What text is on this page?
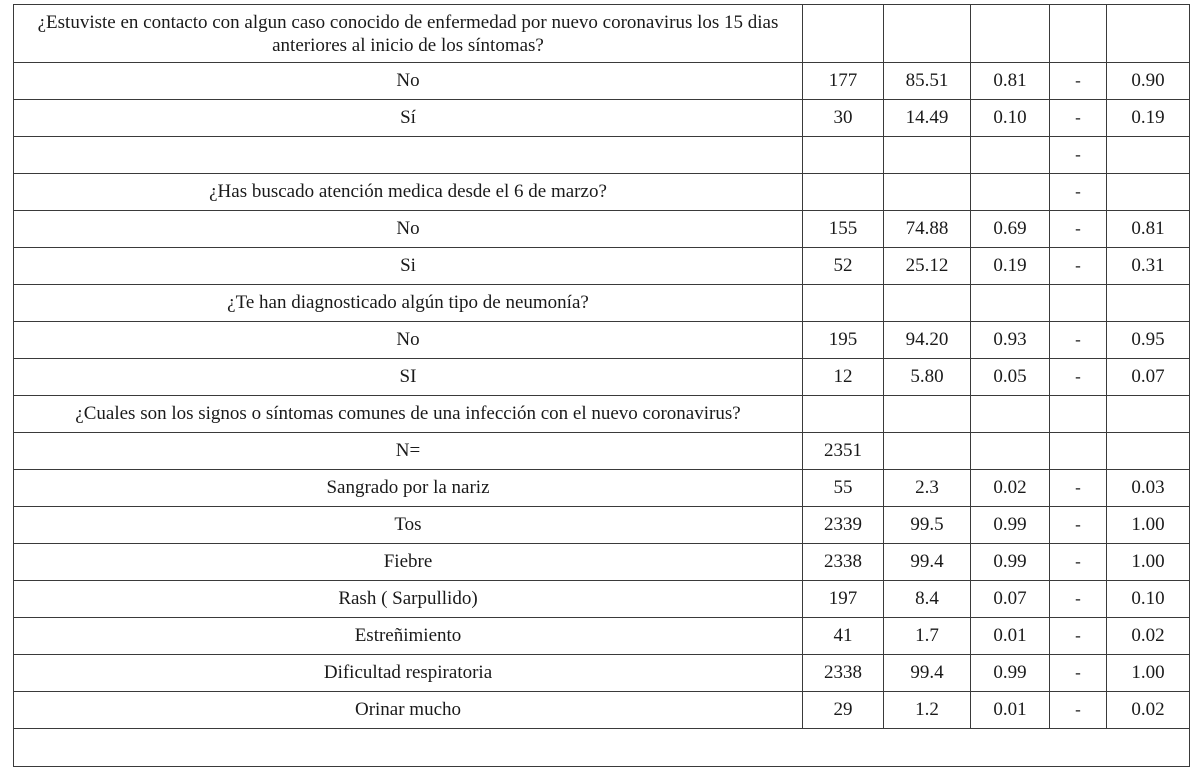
¿Estuviste en contacto con algun caso conocido de enfermedad por nuevo coronavirus los 15 dias anteriores al inicio de los síntomas?					
No	177	85.51	0.81	-	0.90
Sí	30	14.49	0.10	-	0.19
				-	
¿Has buscado atención medica desde el 6 de marzo?				-	
No	155	74.88	0.69	-	0.81
Si	52	25.12	0.19	-	0.31
¿Te han diagnosticado algún tipo de neumonía?					
No	195	94.20	0.93	-	0.95
SI	12	5.80	0.05	-	0.07
¿Cuales son los signos o síntomas comunes de una infección con el nuevo coronavirus?					
N=	2351				
Sangrado por la nariz	55	2.3	0.02	-	0.03
Tos	2339	99.5	0.99	-	1.00
Fiebre	2338	99.4	0.99	-	1.00
Rash ( Sarpullido)	197	8.4	0.07	-	0.10
Estreñimiento	41	1.7	0.01	-	0.02
Dificultad respiratoria	2338	99.4	0.99	-	1.00
Orinar mucho	29	1.2	0.01	-	0.02
